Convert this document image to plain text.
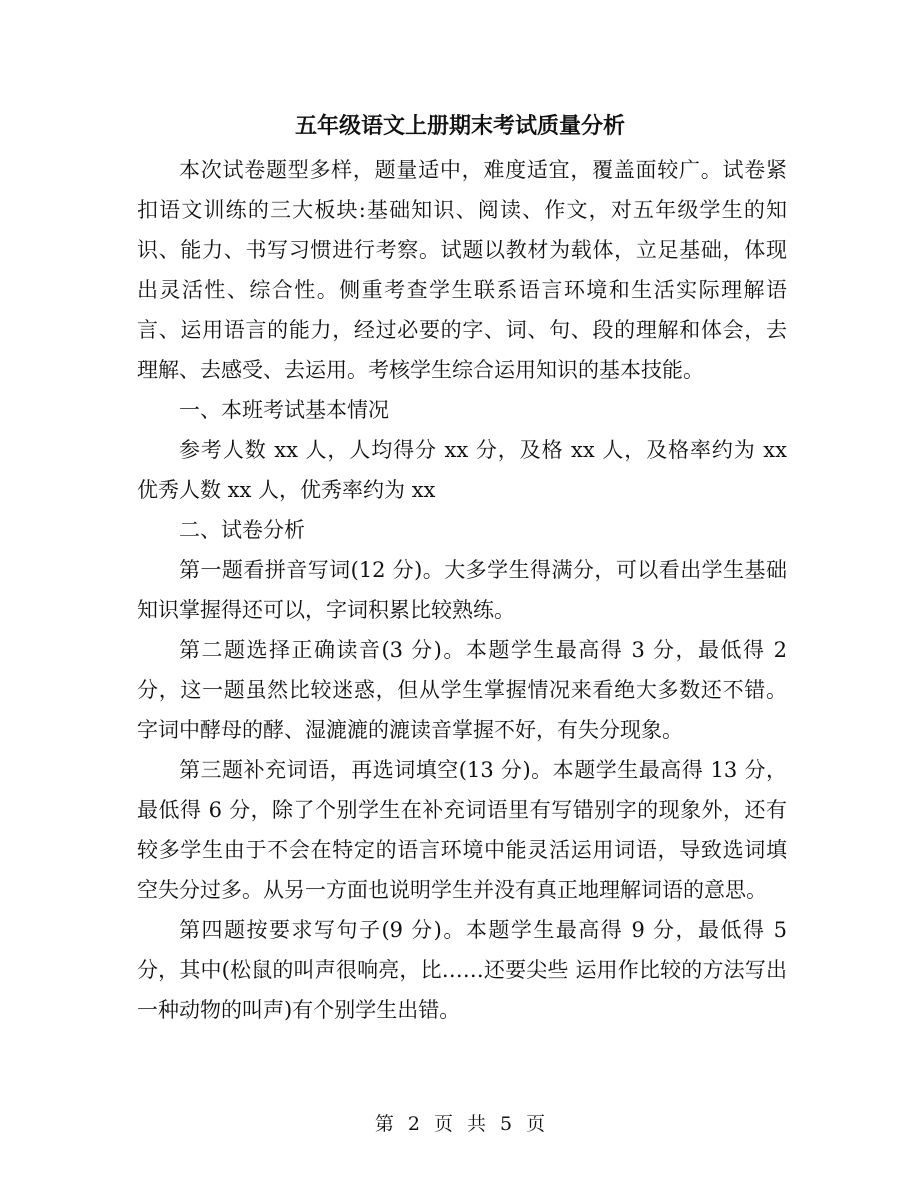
五年级语文上册期末考试质量分析

本次试卷题型多样，题量适中，难度适宜，覆盖面较广。试卷紧扣语文训练的三大板块:基础知识、阅读、作文，对五年级学生的知识、能力、书写习惯进行考察。试题以教材为载体，立足基础，体现出灵活性、综合性。侧重考查学生联系语言环境和生活实际理解语言、运用语言的能力，经过必要的字、词、句、段的理解和体会，去理解、去感受、去运用。考核学生综合运用知识的基本技能。

一、本班考试基本情况

参考人数 xx 人，人均得分 xx 分，及格 xx 人，及格率约为 xx 优秀人数 xx 人，优秀率约为 xx

二、试卷分析

第一题看拼音写词(12 分)。大多学生得满分，可以看出学生基础知识掌握得还可以，字词积累比较熟练。

第二题选择正确读音(3 分)。本题学生最高得 3 分，最低得 2 分，这一题虽然比较迷惑，但从学生掌握情况来看绝大多数还不错。字词中酵母的酵、湿漉漉的漉读音掌握不好，有失分现象。

第三题补充词语，再选词填空(13 分)。本题学生最高得 13 分，最低得 6 分，除了个别学生在补充词语里有写错别字的现象外，还有较多学生由于不会在特定的语言环境中能灵活运用词语，导致选词填空失分过多。从另一方面也说明学生并没有真正地理解词语的意思。

第四题按要求写句子(9 分)。本题学生最高得 9 分，最低得 5 分，其中(松鼠的叫声很响亮，比……还要尖些 运用作比较的方法写出一种动物的叫声)有个别学生出错。

第 2 页 共 5 页
